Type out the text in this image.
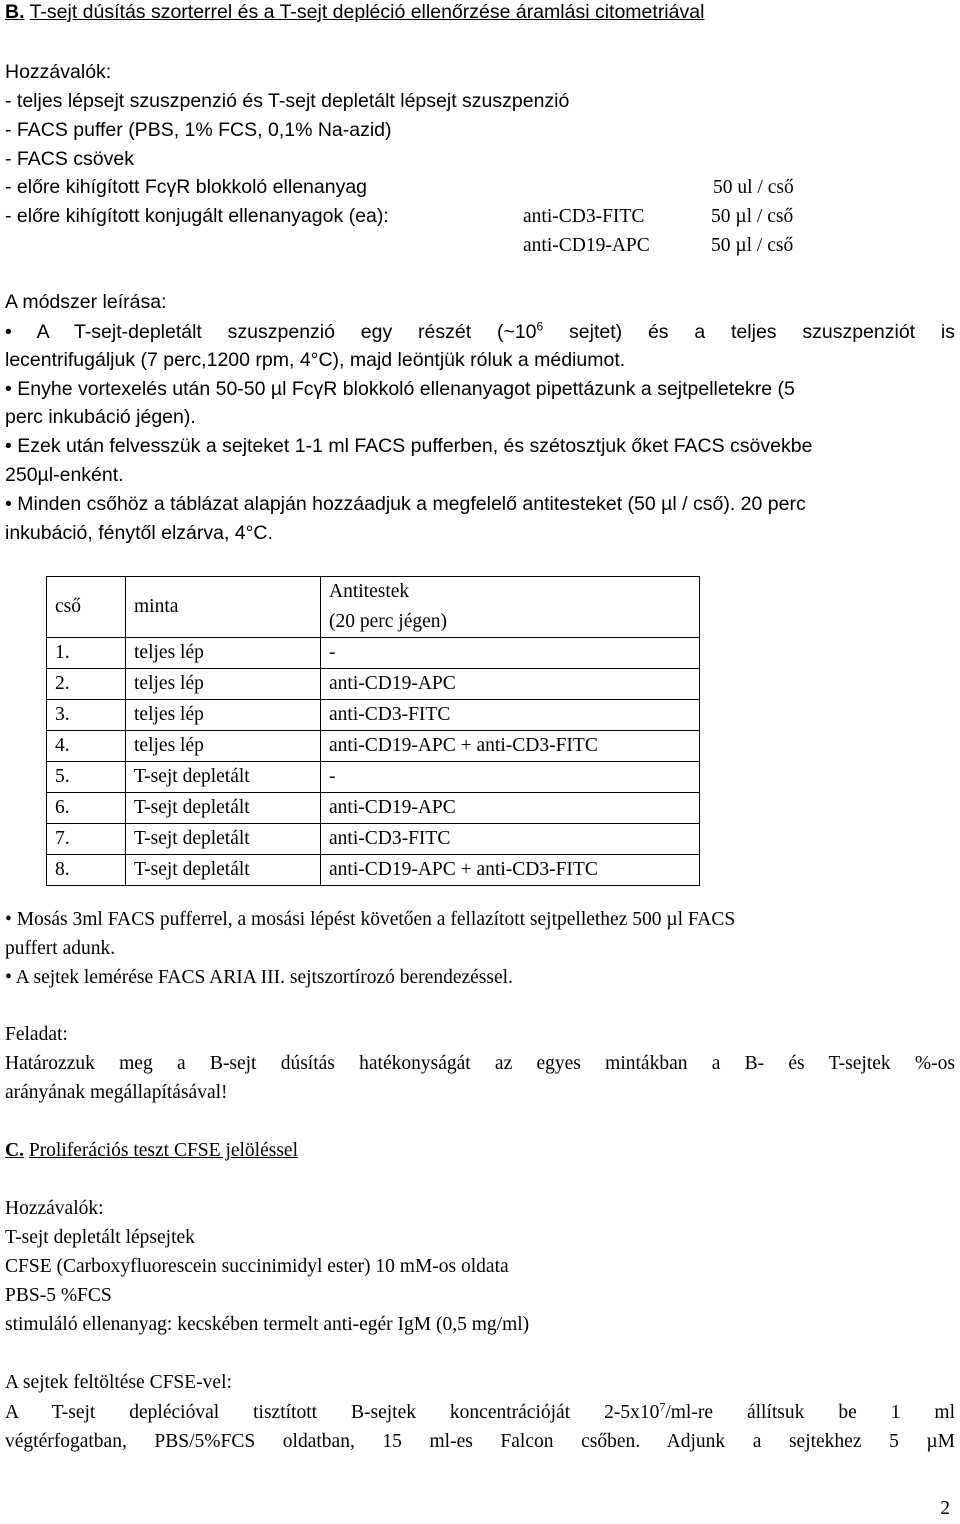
B. T-sejt dúsítás szorterrel és a T-sejt depléció ellenőrzése áramlási citometriával
Hozzávalók:
- teljes lépsejt szuszpenzió és T-sejt depletált lépsejt szuszpenzió
- FACS puffer (PBS, 1% FCS, 0,1% Na-azid)
- FACS csövek
- előre kihígított FcγR blokkoló ellenanyag	50 ul / cső
- előre kihígított konjugált ellenanyagok (ea):	anti-CD3-FITC	50 µl / cső
anti-CD19-APC	50 µl / cső
A módszer leírása:
• A T-sejt-depletált szuszpenzió egy részét ($\sim 10^6$ sejtet) és a teljes szuszpenziót is
lecentrifugáljuk (7 perc,1200 rpm, 4°C), majd leöntjük róluk a médiumot.
• Enyhe vortexelés után 50-50 µl FcγR blokkoló ellenanyagot pipettázunk a sejtpelletekre (5
perc inkubáció jégen).
• Ezek után felvesszük a sejteket 1-1 ml FACS pufferben, és szétosztjuk őket FACS csövekbe
250µl-enként.
• Minden csőhöz a táblázat alapján hozzáadjuk a megfelelő antitesteket (50 µl / cső). 20 perc
inkubáció, fénytől elzárva, 4°C.
cső	minta	Antitestek
(20 perc jégen)

1.	teljes lép	-
2.	teljes lép	anti-CD19-APC
3.	teljes lép	anti-CD3-FITC
4.	teljes lép	anti-CD19-APC + anti-CD3-FITC
5.	T-sejt depletált	-
6.	T-sejt depletált	anti-CD19-APC
7.	T-sejt depletált	anti-CD3-FITC
8.	T-sejt depletált	anti-CD19-APC + anti-CD3-FITC
• Mosás 3ml FACS pufferrel, a mosási lépést követően a fellazított sejtpellethez 500 µl FACS
puffert adunk.
• A sejtek lemérése FACS ARIA III. sejtszortírozó berendezéssel.
Feladat:
Határozzuk meg a B-sejt dúsítás hatékonyságát az egyes mintákban a B- és T-sejtek %-os
arányának megállapításával!
C. Proliferációs teszt CFSE jelöléssel
Hozzávalók:
T-sejt depletált lépsejtek
CFSE (Carboxyfluorescein succinimidyl ester) 10 mM-os oldata
PBS-5 %FCS
stimuláló ellenanyag: kecskében termelt anti-egér IgM (0,5 mg/ml)
A sejtek feltöltése CFSE-vel:
A T-sejt deplécióval tisztított B-sejtek koncentrációját $2-5x10^7/ml-re$ állítsuk be 1 ml
végtérfogatban, PBS/5%FCS oldatban, 15 ml-es Falcon csőben. Adjunk a sejtekhez 5 µM
2
